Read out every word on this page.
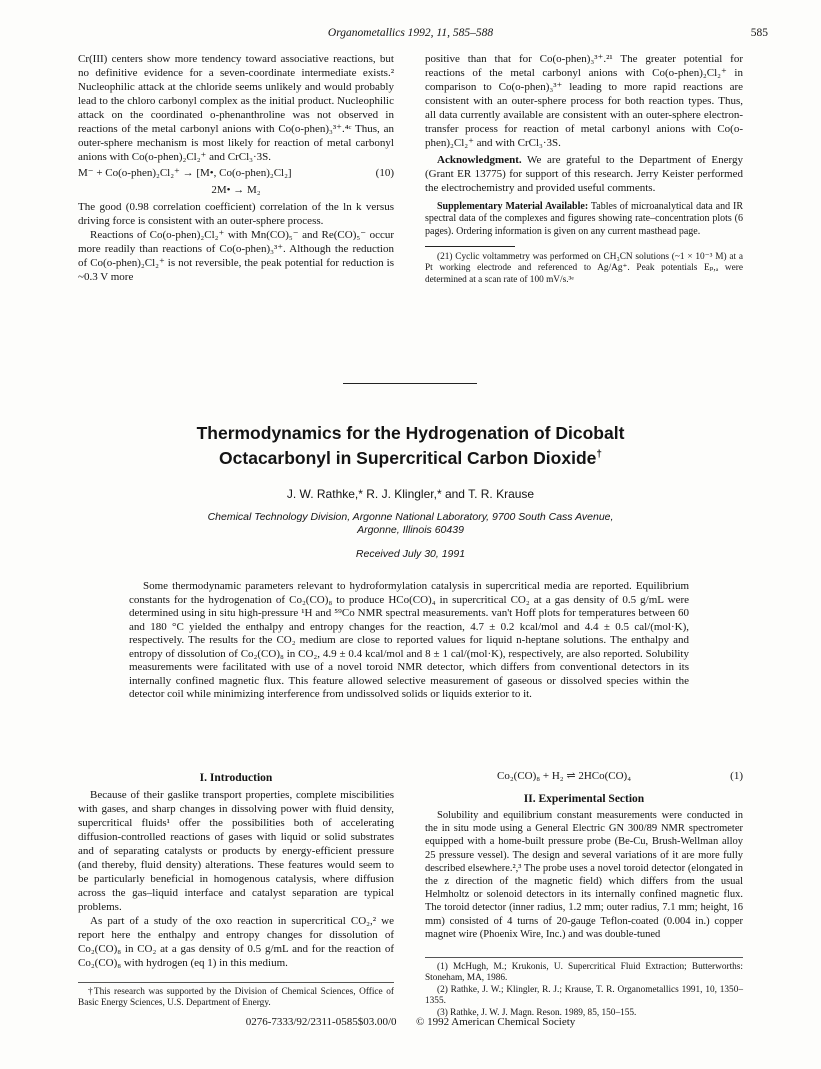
Organometallics 1992, 11, 585–588	585

Cr(III) centers show more tendency toward associative reactions, but no definitive evidence for a seven-coordinate intermediate exists.² Nucleophilic attack at the chloride seems unlikely and would probably lead to the chloro carbonyl complex as the initial product. Nucleophilic attack on the coordinated o-phenanthroline was not observed in reactions of the metal carbonyl anions with Co(o-phen)₃³⁺.⁴ᶜ Thus, an outer-sphere mechanism is most likely for reaction of metal carbonyl anions with Co(o-phen)₂Cl₂⁺ and CrCl₃·3S.

M⁻ + Co(o-phen)₂Cl₂⁺ → [M•, Co(o-phen)₂Cl₂]	(10)
2M• → M₂

The good (0.98 correlation coefficient) correlation of the ln k versus driving force is consistent with an outer-sphere process.

Reactions of Co(o-phen)₂Cl₂⁺ with Mn(CO)₅⁻ and Re(CO)₅⁻ occur more readily than reactions of Co(o-phen)₃³⁺. Although the reduction of Co(o-phen)₂Cl₂⁺ is not reversible, the peak potential for reduction is ~0.3 V more

positive than that for Co(o-phen)₃³⁺.²¹ The greater potential for reactions of the metal carbonyl anions with Co(o-phen)₂Cl₂⁺ in comparison to Co(o-phen)₃³⁺ leading to more rapid reactions are consistent with an outer-sphere process for both reaction types. Thus, all data currently available are consistent with an outer-sphere electron-transfer process for reaction of metal carbonyl anions with Co(o-phen)₂Cl₂⁺ and with CrCl₃·3S.

Acknowledgment. We are grateful to the Department of Energy (Grant ER 13775) for support of this research. Jerry Keister performed the electrochemistry and provided useful comments.

Supplementary Material Available: Tables of microanalytical data and IR spectral data of the complexes and figures showing rate–concentration plots (6 pages). Ordering information is given on any current masthead page.

(21) Cyclic voltammetry was performed on CH₃CN solutions (~1 × 10⁻³ M) at a Pt working electrode and referenced to Ag/Ag⁺. Peak potentials Eₚ,ₐ were determined at a scan rate of 100 mV/s.³ᵉ

Thermodynamics for the Hydrogenation of Dicobalt
Octacarbonyl in Supercritical Carbon Dioxide†
J. W. Rathke,* R. J. Klingler,* and T. R. Krause
Chemical Technology Division, Argonne National Laboratory, 9700 South Cass Avenue,
Argonne, Illinois 60439
Received July 30, 1991
Some thermodynamic parameters relevant to hydroformylation catalysis in supercritical media are reported. Equilibrium constants for the hydrogenation of Co₂(CO)₈ to produce HCo(CO)₄ in supercritical CO₂ at a gas density of 0.5 g/mL were determined using in situ high-pressure ¹H and ⁵⁹Co NMR spectral measurements. van't Hoff plots for temperatures between 60 and 180 °C yielded the enthalpy and entropy changes for the reaction, 4.7 ± 0.2 kcal/mol and 4.4 ± 0.5 cal/(mol·K), respectively. The results for the CO₂ medium are close to reported values for liquid n-heptane solutions. The enthalpy and entropy of dissolution of Co₂(CO)₈ in CO₂, 4.9 ± 0.4 kcal/mol and 8 ± 1 cal/(mol·K), respectively, are also reported. Solubility measurements were facilitated with use of a novel toroid NMR detector, which differs from conventional detectors in its internally confined magnetic flux. This feature allowed selective measurement of gaseous or dissolved species within the detector coil while minimizing interference from undissolved solids or liquids exterior to it.
I. Introduction

Because of their gaslike transport properties, complete miscibilities with gases, and sharp changes in dissolving power with fluid density, supercritical fluids¹ offer the possibilities both of accelerating diffusion-controlled reactions of gases with liquid or solid substrates and of separating catalysts or products by energy-efficient pressure (and thereby, fluid density) alterations. These features would seem to be particularly beneficial in homogenous catalysis, where diffusion across the gas–liquid interface and catalyst separation are typical problems.

As part of a study of the oxo reaction in supercritical CO₂,² we report here the enthalpy and entropy changes for dissolution of Co₂(CO)₈ in CO₂ at a gas density of 0.5 g/mL and for the reaction of Co₂(CO)₈ with hydrogen (eq 1) in this medium.

†This research was supported by the Division of Chemical Sciences, Office of Basic Energy Sciences, U.S. Department of Energy.
Co₂(CO)₈ + H₂ ⇌ 2HCo(CO)₄	(1)
II. Experimental Section

Solubility and equilibrium constant measurements were conducted in the in situ mode using a General Electric GN 300/89 NMR spectrometer equipped with a home-built pressure probe (Be-Cu, Brush-Wellman alloy 25 pressure vessel). The design and several variations of it are more fully described elsewhere.²,³ The probe uses a novel toroid detector (elongated in the z direction of the magnetic field) which differs from the usual Helmholtz or solenoid detectors in its internally confined magnetic flux. The toroid detector (inner radius, 1.2 mm; outer radius, 7.1 mm; height, 16 mm) consisted of 4 turns of 20-gauge Teflon-coated (0.004 in.) copper magnet wire (Phoenix Wire, Inc.) and was double-tuned

(1) McHugh, M.; Krukonis, U. Supercritical Fluid Extraction; Butterworths: Stoneham, MA, 1986.

(2) Rathke, J. W.; Klingler, R. J.; Krause, T. R. Organometallics 1991, 10, 1350–1355.

(3) Rathke, J. W. J. Magn. Reson. 1989, 85, 150–155.

0276-7333/92/2311-0585$03.00/0 © 1992 American Chemical Society
